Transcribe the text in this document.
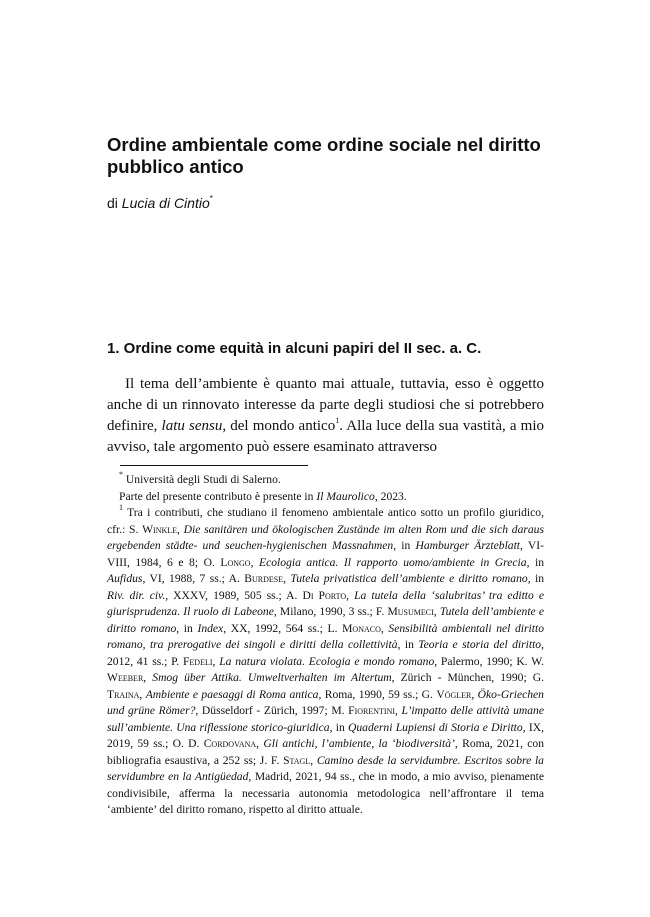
Ordine ambientale come ordine sociale nel diritto pubblico antico

di Lucia di Cintio*

1. Ordine come equità in alcuni papiri del II sec. a. C.

Il tema dell’ambiente è quanto mai attuale, tuttavia, esso è oggetto anche di un rinnovato interesse da parte degli studiosi che si potrebbero definire, latu sensu, del mondo antico$^1$. Alla luce della sua vastità, a mio avviso, tale argomento può essere esaminato attraverso

* Università degli Studi di Salerno.

Parte del presente contributo è presente in Il Maurolico, 2023.

$^1$ Tra i contributi, che studiano il fenomeno ambientale antico sotto un profilo giuridico, cfr.: S. Winkle, Die sanitären und ökologischen Zustände im alten Rom und die sich daraus ergebenden städte- und seuchen-hygienischen Massnahmen, in Hamburger Ärzteblatt, VI-VIII, 1984, 6 e 8; O. Longo, Ecologia antica. Il rapporto uomo/ambiente in Grecia, in Aufidus, VI, 1988, 7 ss.; A. Burdese, Tutela privatistica dell’ambiente e diritto romano, in Riv. dir. civ., XXXV, 1989, 505 ss.; A. Di Porto, La tutela della ‘salubritas’ tra editto e giurisprudenza. Il ruolo di Labeone, Milano, 1990, 3 ss.; F. Musumeci, Tutela dell’ambiente e diritto romano, in Index, XX, 1992, 564 ss.; L. Monaco, Sensibilità ambientali nel diritto romano, tra prerogative dei singoli e diritti della collettività, in Teoria e storia del diritto, 2012, 41 ss.; P. Fedeli, La natura violata. Ecologia e mondo romano, Palermo, 1990; K. W. Weeber, Smog über Attika. Umweltverhalten im Altertum, Zürich - München, 1990; G. Traina, Ambiente e paesaggi di Roma antica, Roma, 1990, 59 ss.; G. Vögler, Öko-Griechen und grüne Römer?, Düsseldorf - Zürich, 1997; M. Fiorentini, L’impatto delle attività umane sull’ambiente. Una riflessione storico-giuridica, in Quaderni Lupiensi di Storia e Diritto, IX, 2019, 59 ss.; O. D. Cordovana, Gli antichi, l’ambiente, la ‘biodiversità’, Roma, 2021, con bibliografia esaustiva, a 252 ss; J. F. Stagl, Camino desde la servidumbre. Escritos sobre la servidumbre en la Antigüedad, Madrid, 2021, 94 ss., che in modo, a mio avviso, pienamente condivisibile, afferma la necessaria autonomia metodologica nell’affrontare il tema ‘ambiente’ del diritto romano, rispetto al diritto attuale.
